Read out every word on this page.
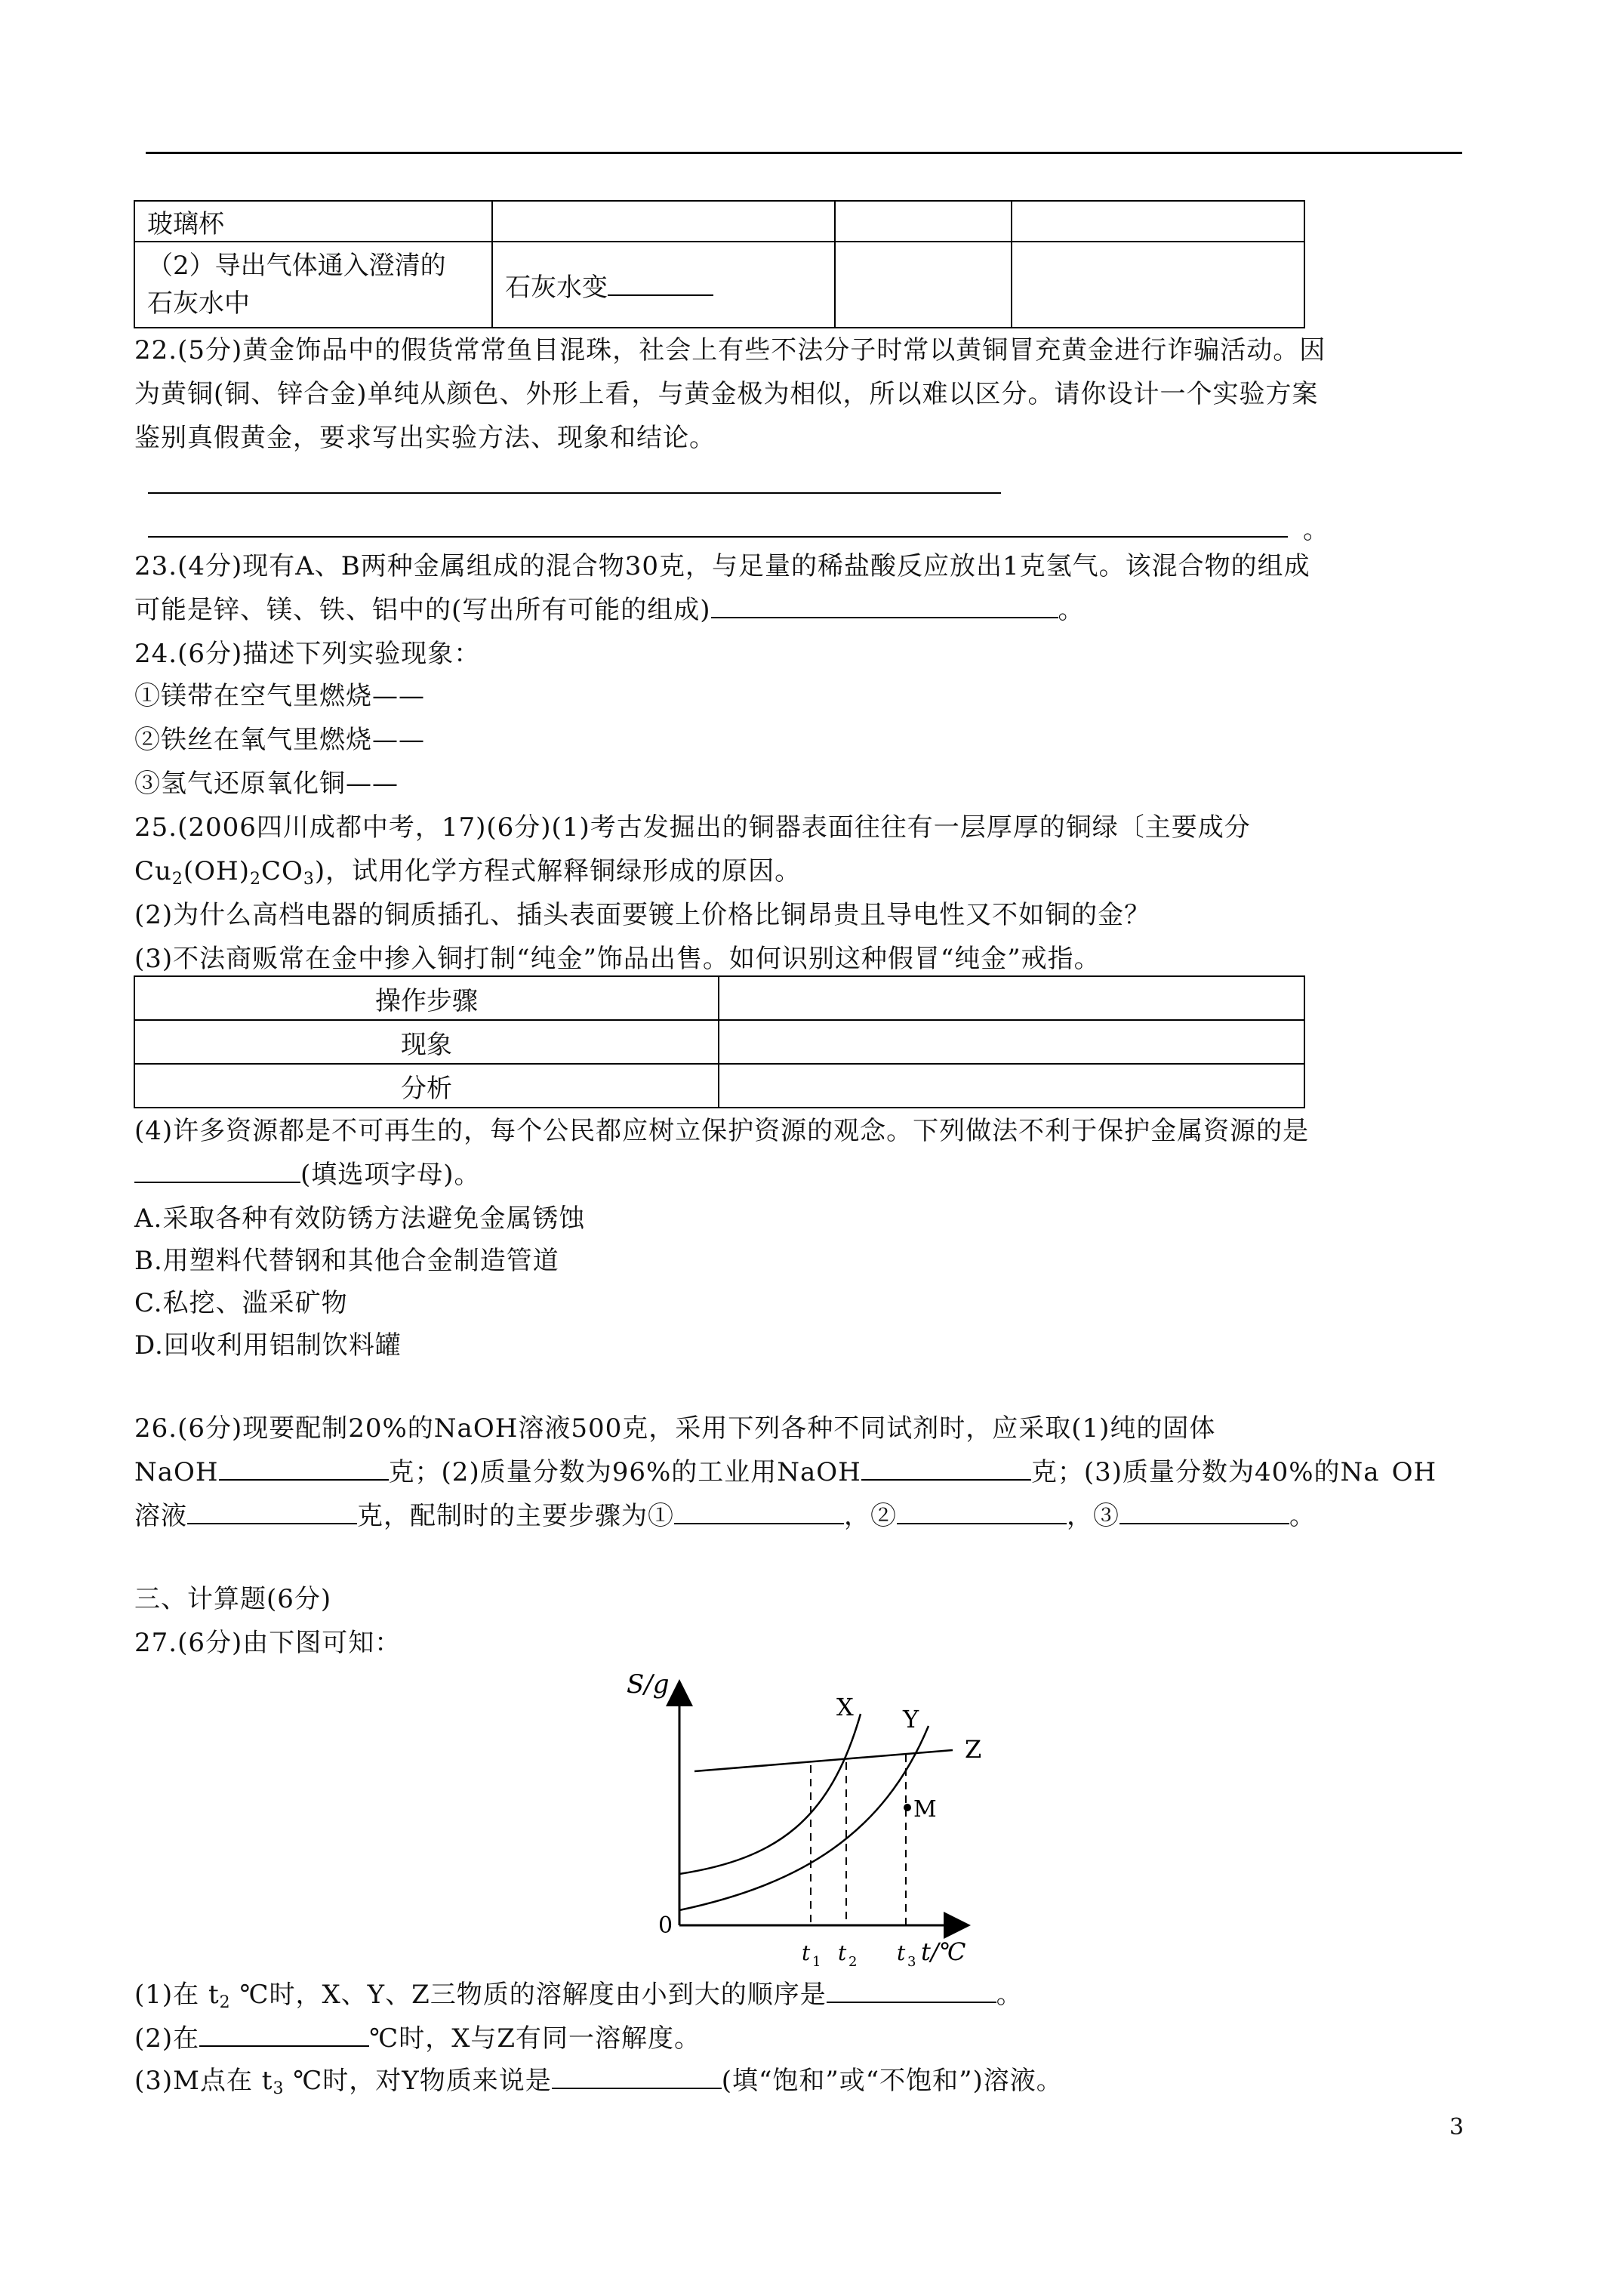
玻璃杯			

（2）导出气体通入澄清的
石灰水中	石灰水变		
22.(5分)黄金饰品中的假货常常鱼目混珠，社会上有些不法分子时常以黄铜冒充黄金进行诈骗活动。因
为黄铜(铜、锌合金)单纯从颜色、外形上看，与黄金极为相似，所以难以区分。请你设计一个实验方案
鉴别真假黄金，要求写出实验方法、现象和结论。
。
23.(4分)现有A、B两种金属组成的混合物30克，与足量的稀盐酸反应放出1克氢气。该混合物的组成
可能是锌、镁、铁、铝中的(写出所有可能的组成)	。
24.(6分)描述下列实验现象：
①镁带在空气里燃烧——
②铁丝在氧气里燃烧——
③氢气还原氧化铜——
25.(2006四川成都中考，17)(6分)(1)考古发掘出的铜器表面往往有一层厚厚的铜绿〔主要成分
$Cu_2(OH)_2CO_3$)，试用化学方程式解释铜绿形成的原因。
(2)为什么高档电器的铜质插孔、插头表面要镀上价格比铜昂贵且导电性又不如铜的金？
(3)不法商贩常在金中掺入铜打制“纯金”饰品出售。如何识别这种假冒“纯金”戒指。
操作步骤	
现象	
分析	
(4)许多资源都是不可再生的，每个公民都应树立保护资源的观念。下列做法不利于保护金属资源的是
(填选项字母)。
A.采取各种有效防锈方法避免金属锈蚀
B.用塑料代替钢和其他合金制造管道
C.私挖、滥采矿物
D.回收利用铝制饮料罐
26.(6分)现要配制20%的NaOH溶液500克，采用下列各种不同试剂时，应采取(1)纯的固体
NaOH	克；(2)质量分数为96%的工业用NaOH	克；(3)质量分数为40%的Na OH
溶液	克，配制时的主要步骤为①	，②	，③	。
三、计算题(6分)
27.(6分)由下图可知：
S/g
0
t/℃
X Y
Z
M
t 1 t 2 t 3
(1)在 $t_2$ ℃时，X、Y、Z三物质的溶解度由小到大的顺序是	。
(2)在	℃时，X与Z有同一溶解度。
(3)M点在 $t_3$ ℃时，对Y物质来说是	(填“饱和”或“不饱和”)溶液。
3
